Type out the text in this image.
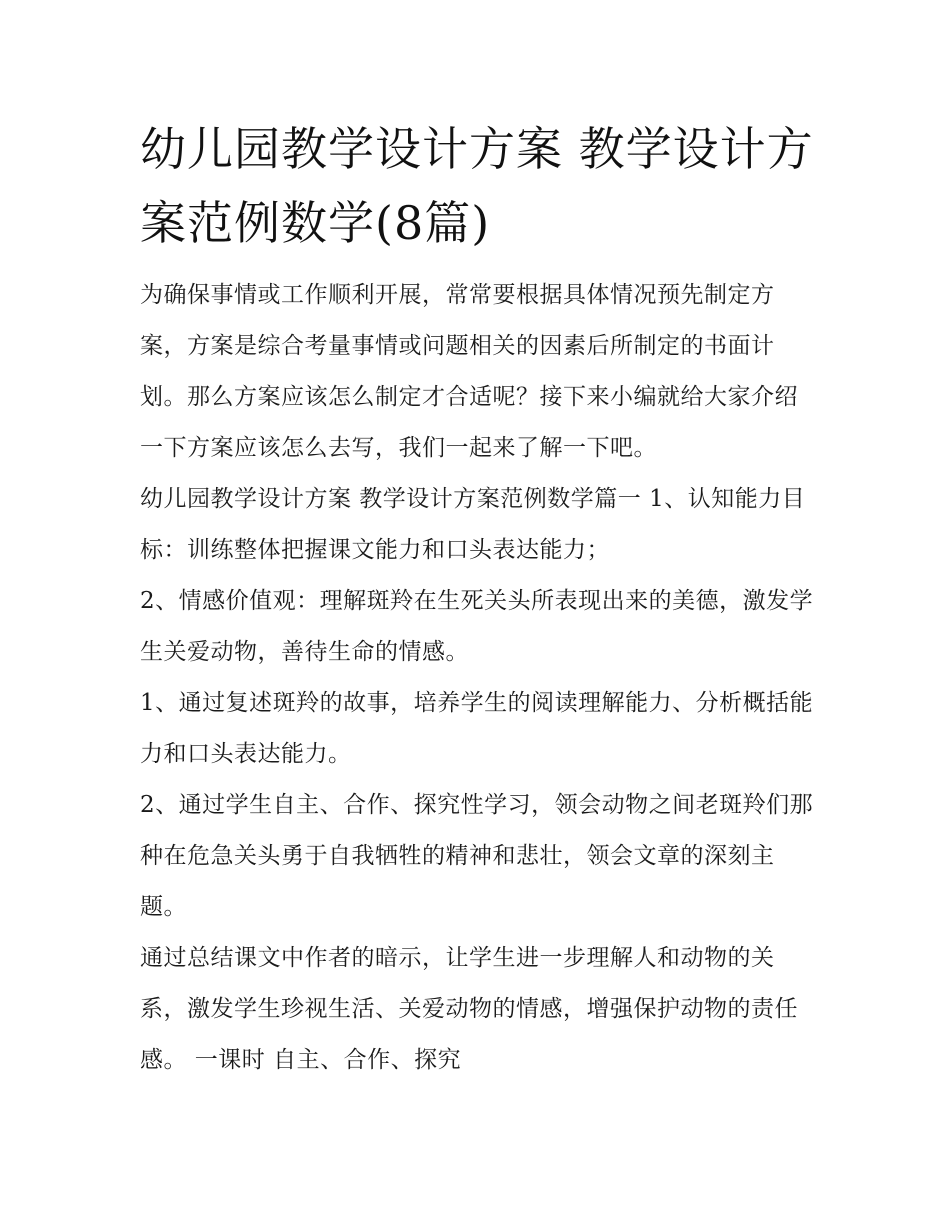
幼儿园教学设计方案 教学设计方案范例数学(8篇)

为确保事情或工作顺利开展，常常要根据具体情况预先制定方案，方案是综合考量事情或问题相关的因素后所制定的书面计划。那么方案应该怎么制定才合适呢？接下来小编就给大家介绍一下方案应该怎么去写，我们一起来了解一下吧。

幼儿园教学设计方案 教学设计方案范例数学篇一 1、认知能力目标：训练整体把握课文能力和口头表达能力；

2、情感价值观：理解斑羚在生死关头所表现出来的美德，激发学生关爱动物，善待生命的情感。

1、通过复述斑羚的故事，培养学生的阅读理解能力、分析概括能力和口头表达能力。

2、通过学生自主、合作、探究性学习，领会动物之间老斑羚们那种在危急关头勇于自我牺牲的精神和悲壮，领会文章的深刻主题。

通过总结课文中作者的暗示，让学生进一步理解人和动物的关系，激发学生珍视生活、关爱动物的情感，增强保护动物的责任感。 一课时 自主、合作、探究
